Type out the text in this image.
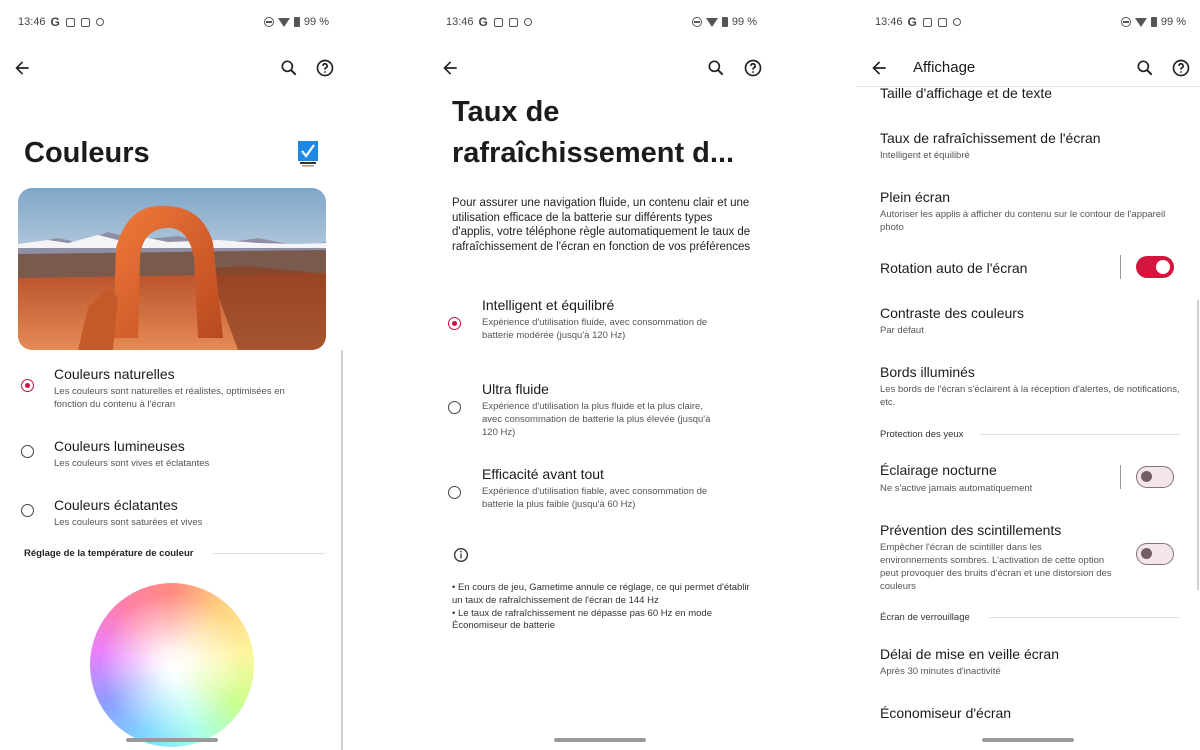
13:46 G	99 %
Couleurs
Couleurs naturelles
Les couleurs sont naturelles et réalistes, optimisées en fonction du contenu à l'écran
Couleurs lumineuses
Les couleurs sont vives et éclatantes
Couleurs éclatantes
Les couleurs sont saturées et vives
Réglage de la température de couleur
13:46 G	99 %
Taux de rafraîchissement d...
Pour assurer une navigation fluide, un contenu clair et une utilisation efficace de la batterie sur différents types d'applis, votre téléphone règle automatiquement le taux de rafraîchissement de l'écran en fonction de vos préférences
Intelligent et équilibré
Expérience d'utilisation fluide, avec consommation de batterie modérée (jusqu'à 120 Hz)
Ultra fluide
Expérience d'utilisation la plus fluide et la plus claire, avec consommation de batterie la plus élevée (jusqu'à 120 Hz)
Efficacité avant tout
Expérience d'utilisation fiable, avec consommation de batterie la plus faible (jusqu'à 60 Hz)
• En cours de jeu, Gametime annule ce réglage, ce qui permet d'établir un taux de rafraîchissement de l'écran de 144 Hz
• Le taux de rafraîchissement ne dépasse pas 60 Hz en mode Économiseur de batterie
13:46 G	99 %
Affichage
Taille d'affichage et de texte
Taux de rafraîchissement de l'écran
Intelligent et équilibré
Plein écran
Autoriser les applis à afficher du contenu sur le contour de l'appareil photo
Rotation auto de l'écran
Contraste des couleurs
Par défaut
Bords illuminés
Les bords de l'écran s'éclairent à la réception d'alertes, de notifications, etc.
Protection des yeux
Éclairage nocturne
Ne s'active jamais automatiquement
Prévention des scintillements
Empêcher l'écran de scintiller dans les environnements sombres. L'activation de cette option peut provoquer des bruits d'écran et une distorsion des couleurs
Écran de verrouillage
Délai de mise en veille écran
Après 30 minutes d'inactivité
Économiseur d'écran
